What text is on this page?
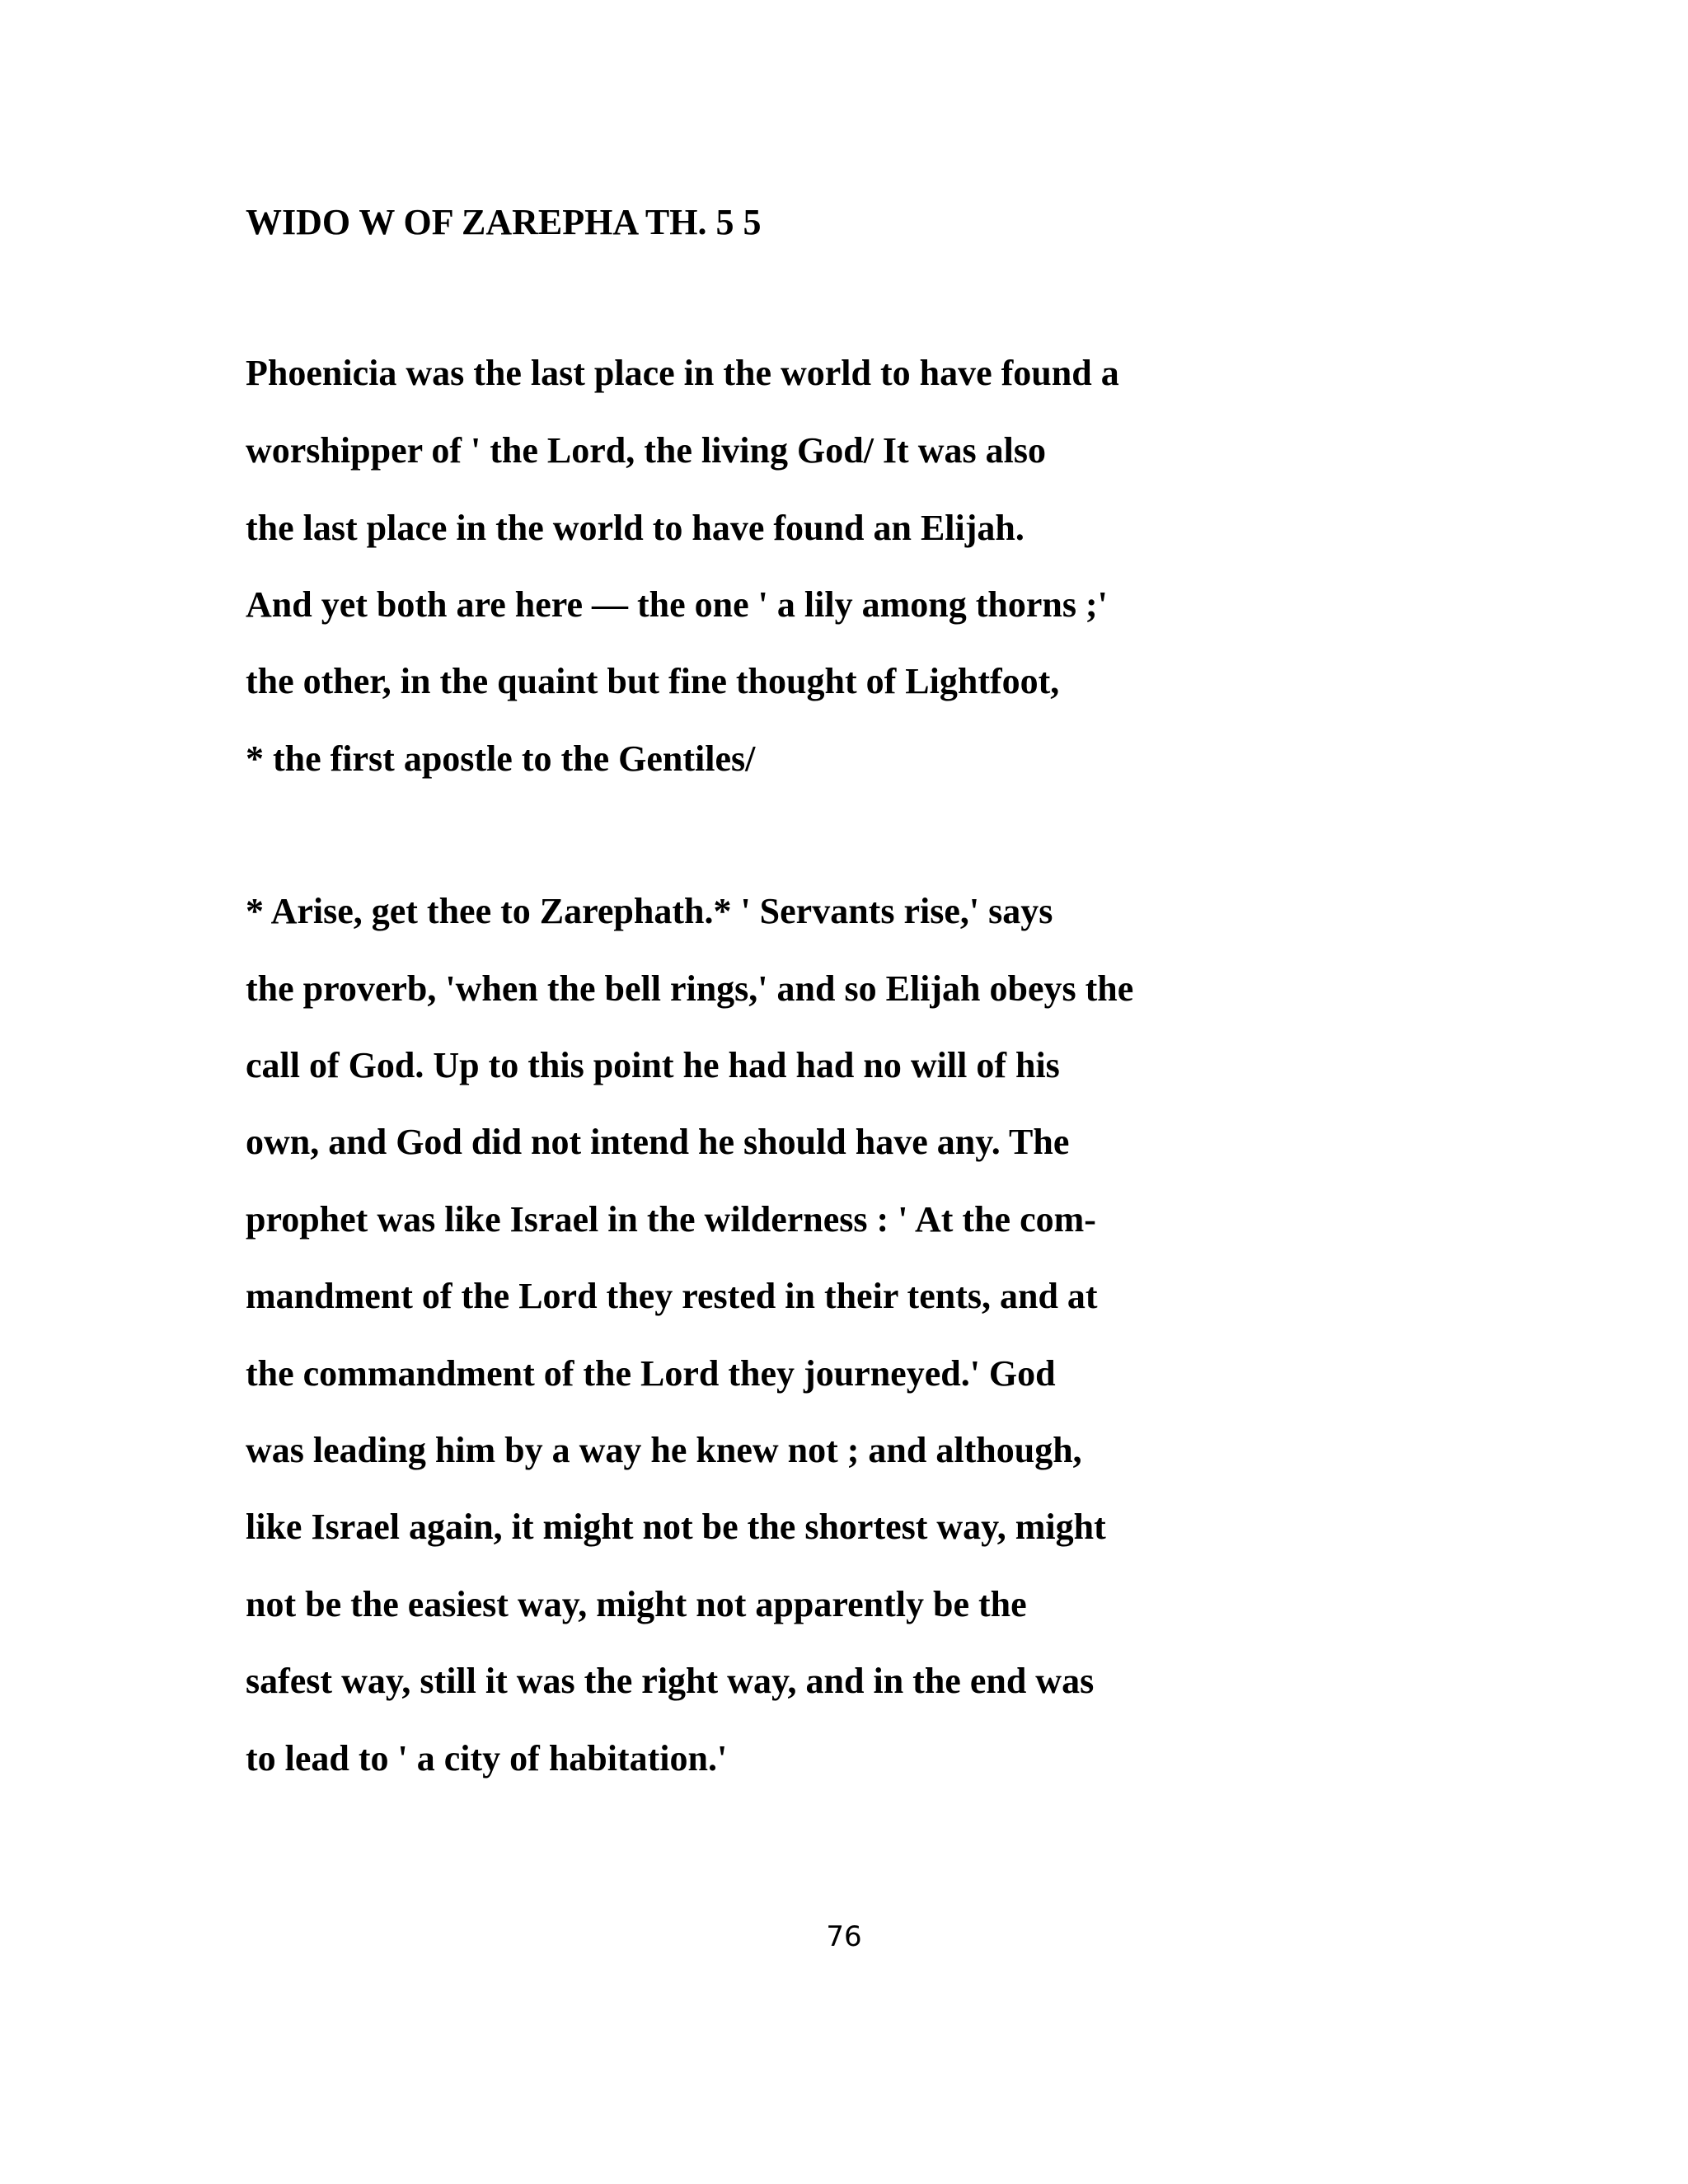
WIDO W OF ZAREPHA TH. 5 5

Phoenicia was the last place in the world to have found a

worshipper of ' the Lord, the living God/ It was also

the last place in the world to have found an Elijah.

And yet both are here — the one ' a lily among thorns ;'

the other, in the quaint but fine thought of Lightfoot,

* the first apostle to the Gentiles/

* Arise, get thee to Zarephath.* ' Servants rise,' says

the proverb, 'when the bell rings,' and so Elijah obeys the

call of God. Up to this point he had had no will of his

own, and God did not intend he should have any. The

prophet was like Israel in the wilderness : ' At the com-

mandment of the Lord they rested in their tents, and at

the commandment of the Lord they journeyed.' God

was leading him by a way he knew not ; and although,

like Israel again, it might not be the shortest way, might

not be the easiest way, might not apparently be the

safest way, still it was the right way, and in the end was

to lead to ' a city of habitation.'

76
